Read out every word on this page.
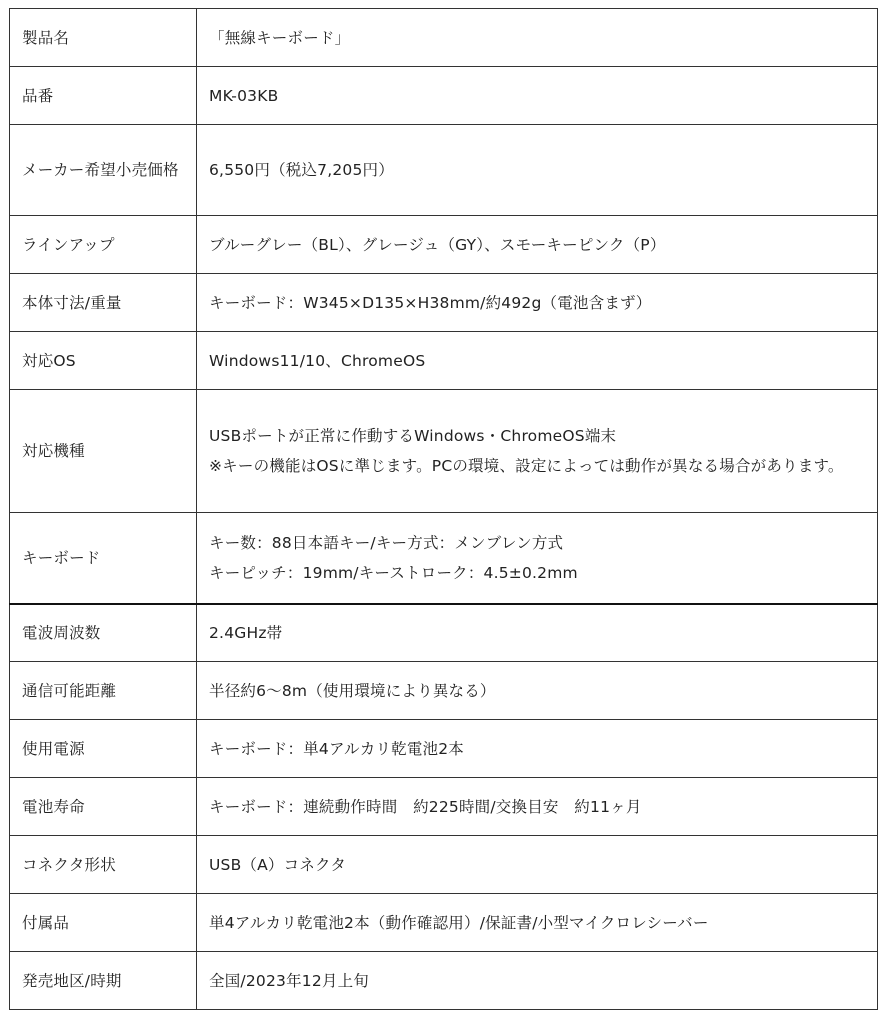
製品名	「無線キーボード」
品番	MK-03KB
メーカー希望小売価格	6,550円（税込7,205円）
ラインアップ	ブルーグレー（BL）、グレージュ（GY）、スモーキーピンク（P）
本体寸法/重量	キーボード：W345×D135×H38mm/約492g（電池含まず）
対応OS	Windows11/10、ChromeOS
対応機種	USBポートが正常に作動するWindows・ChromeOS端末
※キーの機能はOSに準じます。PCの環境、設定によっては動作が異なる場合があります。

キーボード	キー数：88日本語キー/キー方式：メンブレン方式
キーピッチ：19mm/キーストローク：4.5±0.2mm

電波周波数	2.4GHz帯
通信可能距離	半径約6〜8m（使用環境により異なる）
使用電源	キーボード：単4アルカリ乾電池2本
電池寿命	キーボード：連続動作時間　約225時間/交換目安　約11ヶ月
コネクタ形状	USB（A）コネクタ
付属品	単4アルカリ乾電池2本（動作確認用）/保証書/小型マイクロレシーバー
発売地区/時期	全国/2023年12月上旬
